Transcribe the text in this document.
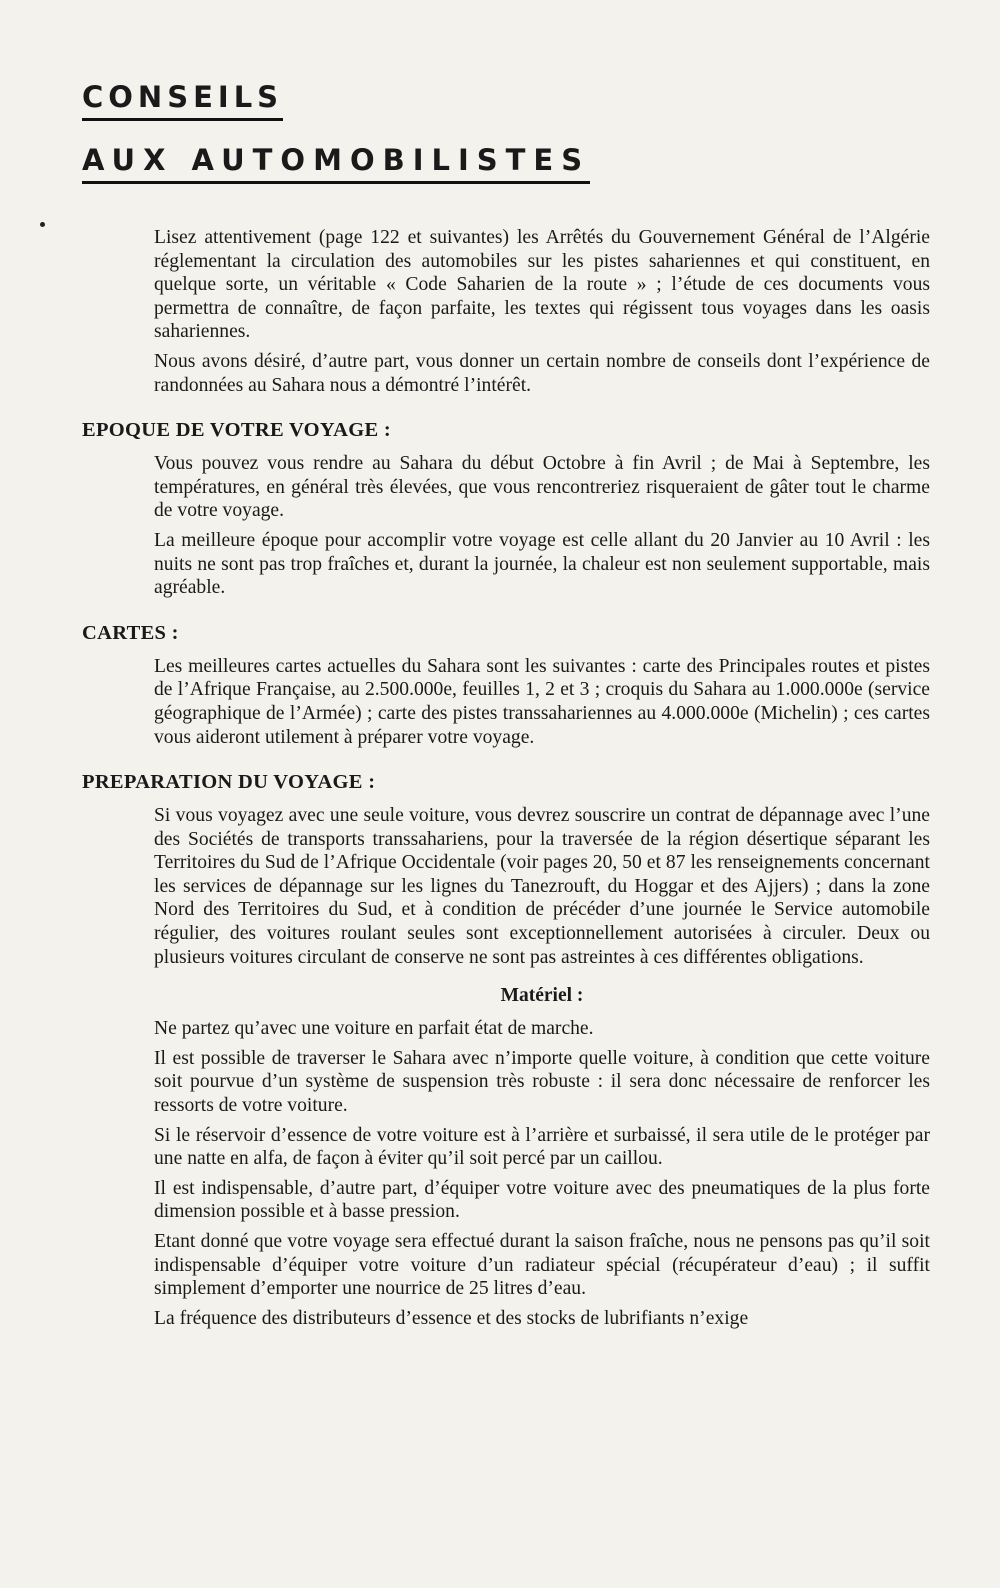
CONSEILS
AUX AUTOMOBILISTES

Lisez attentivement (page 122 et suivantes) les Arrêtés du Gouvernement Général de l’Algérie réglementant la circulation des automobiles sur les pistes sahariennes et qui constituent, en quelque sorte, un véritable « Code Saharien de la route » ; l’étude de ces documents vous permettra de connaître, de façon parfaite, les textes qui régissent tous voyages dans les oasis sahariennes.

Nous avons désiré, d’autre part, vous donner un certain nombre de conseils dont l’expérience de randonnées au Sahara nous a démontré l’intérêt.

EPOQUE DE VOTRE VOYAGE :

Vous pouvez vous rendre au Sahara du début Octobre à fin Avril ; de Mai à Septembre, les températures, en général très élevées, que vous rencontreriez risqueraient de gâter tout le charme de votre voyage.

La meilleure époque pour accomplir votre voyage est celle allant du 20 Janvier au 10 Avril : les nuits ne sont pas trop fraîches et, durant la journée, la chaleur est non seulement supportable, mais agréable.

CARTES :

Les meilleures cartes actuelles du Sahara sont les suivantes : carte des Principales routes et pistes de l’Afrique Française, au 2.500.000e, feuilles 1, 2 et 3 ; croquis du Sahara au 1.000.000e (service géographique de l’Armée) ; carte des pistes transsahariennes au 4.000.000e (Michelin) ; ces cartes vous aideront utilement à préparer votre voyage.

PREPARATION DU VOYAGE :

Si vous voyagez avec une seule voiture, vous devrez souscrire un contrat de dépannage avec l’une des Sociétés de transports transsahariens, pour la traversée de la région désertique séparant les Territoires du Sud de l’Afrique Occidentale (voir pages 20, 50 et 87 les renseignements concernant les services de dépannage sur les lignes du Tanezrouft, du Hoggar et des Ajjers) ; dans la zone Nord des Territoires du Sud, et à condition de précéder d’une journée le Service automobile régulier, des voitures roulant seules sont exceptionnellement autorisées à circuler. Deux ou plusieurs voitures circulant de conserve ne sont pas astreintes à ces différentes obligations.

Matériel :

Ne partez qu’avec une voiture en parfait état de marche.

Il est possible de traverser le Sahara avec n’importe quelle voiture, à condition que cette voiture soit pourvue d’un système de suspension très robuste : il sera donc nécessaire de renforcer les ressorts de votre voiture.

Si le réservoir d’essence de votre voiture est à l’arrière et surbaissé, il sera utile de le protéger par une natte en alfa, de façon à éviter qu’il soit percé par un caillou.

Il est indispensable, d’autre part, d’équiper votre voiture avec des pneumatiques de la plus forte dimension possible et à basse pression.

Etant donné que votre voyage sera effectué durant la saison fraîche, nous ne pensons pas qu’il soit indispensable d’équiper votre voiture d’un radiateur spécial (récupérateur d’eau) ; il suffit simplement d’emporter une nourrice de 25 litres d’eau.

La fréquence des distributeurs d’essence et des stocks de lubrifiants n’exige
